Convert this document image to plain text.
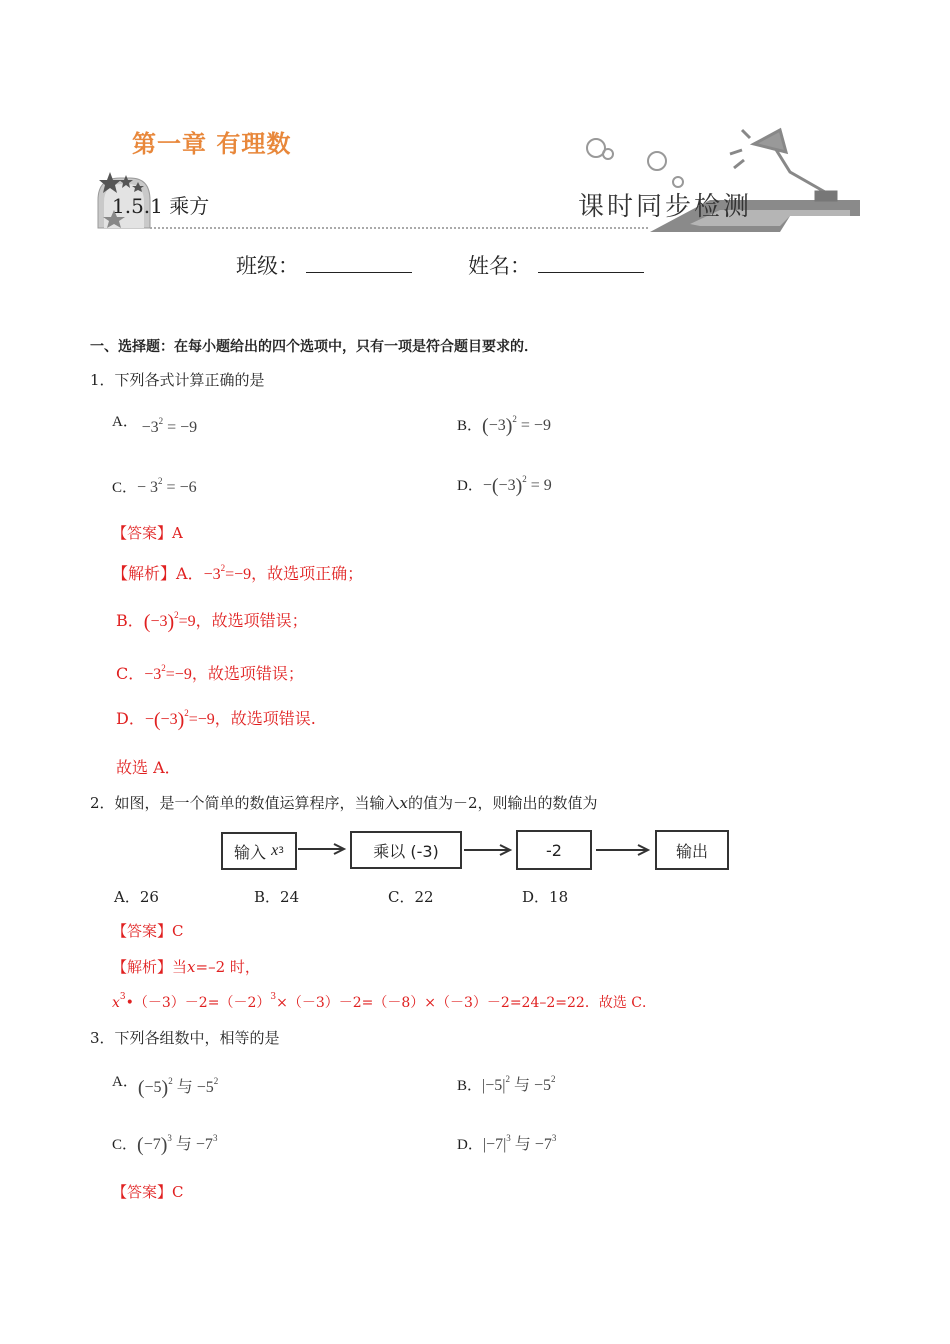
第一章 有理数
1.5.1 乘方	课时同步检测
班级：	姓名：
一、选择题：在每小题给出的四个选项中，只有一项是符合题目要求的．
1．下列各式计算正确的是
A． $-3^2 = -9$	B．$(-3)^2 = -9$
C．− $3^2 = -6$	D．$-(-3)^2 = 9$
【答案】A
【解析】A．$-3^2=-9$，故选项正确；
B．$(-3)^2=9$，故选项错误；
C．$-3^2=-9$，故选项错误；
D．$-(-3)^2=-9$，故选项错误.
故选 A．
2．如图，是一个简单的数值运算程序，当输入x的值为－2，则输出的数值为
输入
x 3	乘以 (-3)	-2	输出
A．26	B．24	C．22	D．18
【答案】C
【解析】当x=–2 时，
$x^3•(-3)-2=(-2)^3\times(-3)-2=(-8)\times(-3)-2=24-2=22$．故选 C．
3．下列各组数中，相等的是
A．$(-5)^2$ 与 $-5^2$	B．$|-5|^2$ 与 $-5^2$
C．$(-7)^3$ 与 $-7^3$	D．$|-7|^3$ 与 $-7^3$
【答案】C
